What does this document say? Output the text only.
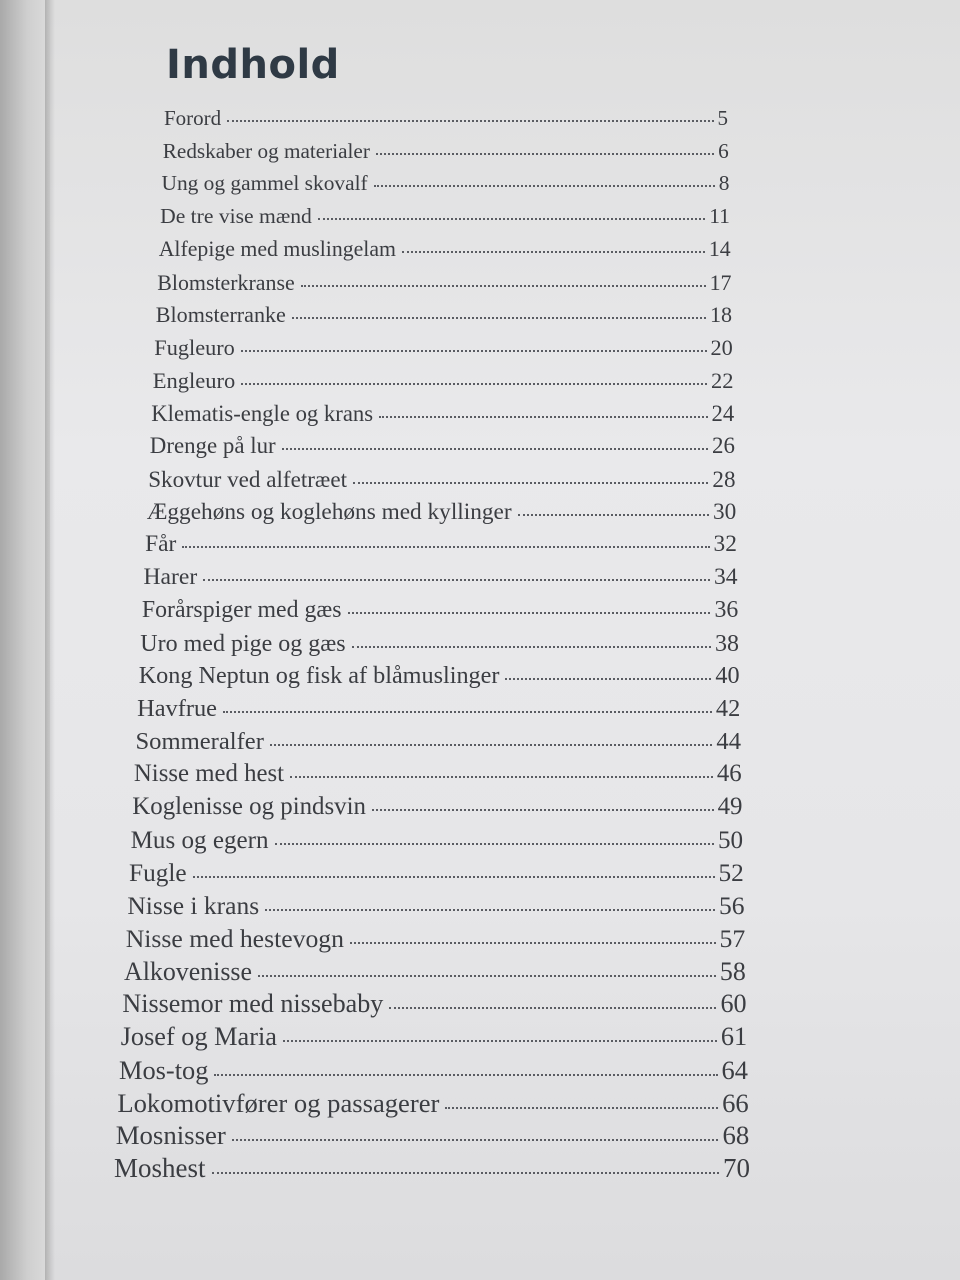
Indhold
Forord	5
Redskaber og materialer	6
Ung og gammel skovalf	8
De tre vise mænd	11
Alfepige med muslingelam	14
Blomsterkranse	17
Blomsterranke	18
Fugleuro	20
Engleuro	22
Klematis-engle og krans	24
Drenge på lur	26
Skovtur ved alfetræet	28
Æggehøns og koglehøns med kyllinger	30
Får	32
Harer	34
Forårspiger med gæs	36
Uro med pige og gæs	38
Kong Neptun og fisk af blåmuslinger	40
Havfrue	42
Sommeralfer	44
Nisse med hest	46
Koglenisse og pindsvin	49
Mus og egern	50
Fugle	52
Nisse i krans	56
Nisse med hestevogn	57
Alkovenisse	58
Nissemor med nissebaby	60
Josef og Maria	61
Mos-tog	64
Lokomotivfører og passagerer	66
Mosnisser	68
Moshest	70
